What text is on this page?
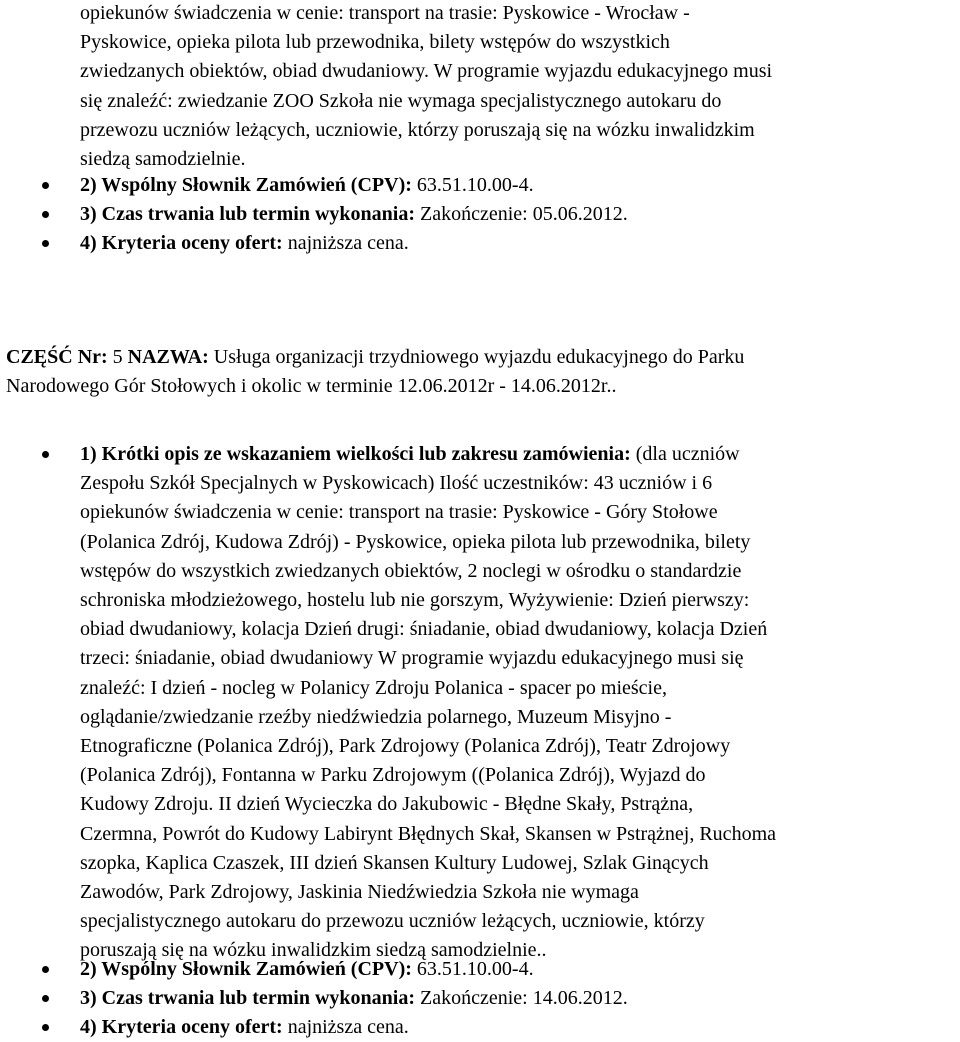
opiekunów świadczenia w cenie: transport na trasie: Pyskowice - Wrocław -
Pyskowice, opieka pilota lub przewodnika, bilety wstępów do wszystkich
zwiedzanych obiektów, obiad dwudaniowy. W programie wyjazdu edukacyjnego musi
się znaleźć: zwiedzanie ZOO Szkoła nie wymaga specjalistycznego autokaru do
przewozu uczniów leżących, uczniowie, którzy poruszają się na wózku inwalidzkim
siedzą samodzielnie.
2) Wspólny Słownik Zamówień (CPV): 63.51.10.00-4.
3) Czas trwania lub termin wykonania: Zakończenie: 05.06.2012.
4) Kryteria oceny ofert: najniższa cena.
CZĘŚĆ Nr: 5 NAZWA: Usługa organizacji trzydniowego wyjazdu edukacyjnego do Parku
Narodowego Gór Stołowych i okolic w terminie 12.06.2012r - 14.06.2012r..
1) Krótki opis ze wskazaniem wielkości lub zakresu zamówienia: (dla uczniów
Zespołu Szkół Specjalnych w Pyskowicach) Ilość uczestników: 43 uczniów i 6
opiekunów świadczenia w cenie: transport na trasie: Pyskowice - Góry Stołowe
(Polanica Zdrój, Kudowa Zdrój) - Pyskowice, opieka pilota lub przewodnika, bilety
wstępów do wszystkich zwiedzanych obiektów, 2 noclegi w ośrodku o standardzie
schroniska młodzieżowego, hostelu lub nie gorszym, Wyżywienie: Dzień pierwszy:
obiad dwudaniowy, kolacja Dzień drugi: śniadanie, obiad dwudaniowy, kolacja Dzień
trzeci: śniadanie, obiad dwudaniowy W programie wyjazdu edukacyjnego musi się
znaleźć: I dzień - nocleg w Polanicy Zdroju Polanica - spacer po mieście,
oglądanie/zwiedzanie rzeźby niedźwiedzia polarnego, Muzeum Misyjno -
Etnograficzne (Polanica Zdrój), Park Zdrojowy (Polanica Zdrój), Teatr Zdrojowy
(Polanica Zdrój), Fontanna w Parku Zdrojowym ((Polanica Zdrój), Wyjazd do
Kudowy Zdroju. II dzień Wycieczka do Jakubowic - Błędne Skały, Pstrążna,
Czermna, Powrót do Kudowy Labirynt Błędnych Skał, Skansen w Pstrążnej, Ruchoma
szopka, Kaplica Czaszek, III dzień Skansen Kultury Ludowej, Szlak Ginących
Zawodów, Park Zdrojowy, Jaskinia Niedźwiedzia Szkoła nie wymaga
specjalistycznego autokaru do przewozu uczniów leżących, uczniowie, którzy
poruszają się na wózku inwalidzkim siedzą samodzielnie..
2) Wspólny Słownik Zamówień (CPV): 63.51.10.00-4.
3) Czas trwania lub termin wykonania: Zakończenie: 14.06.2012.
4) Kryteria oceny ofert: najniższa cena.
